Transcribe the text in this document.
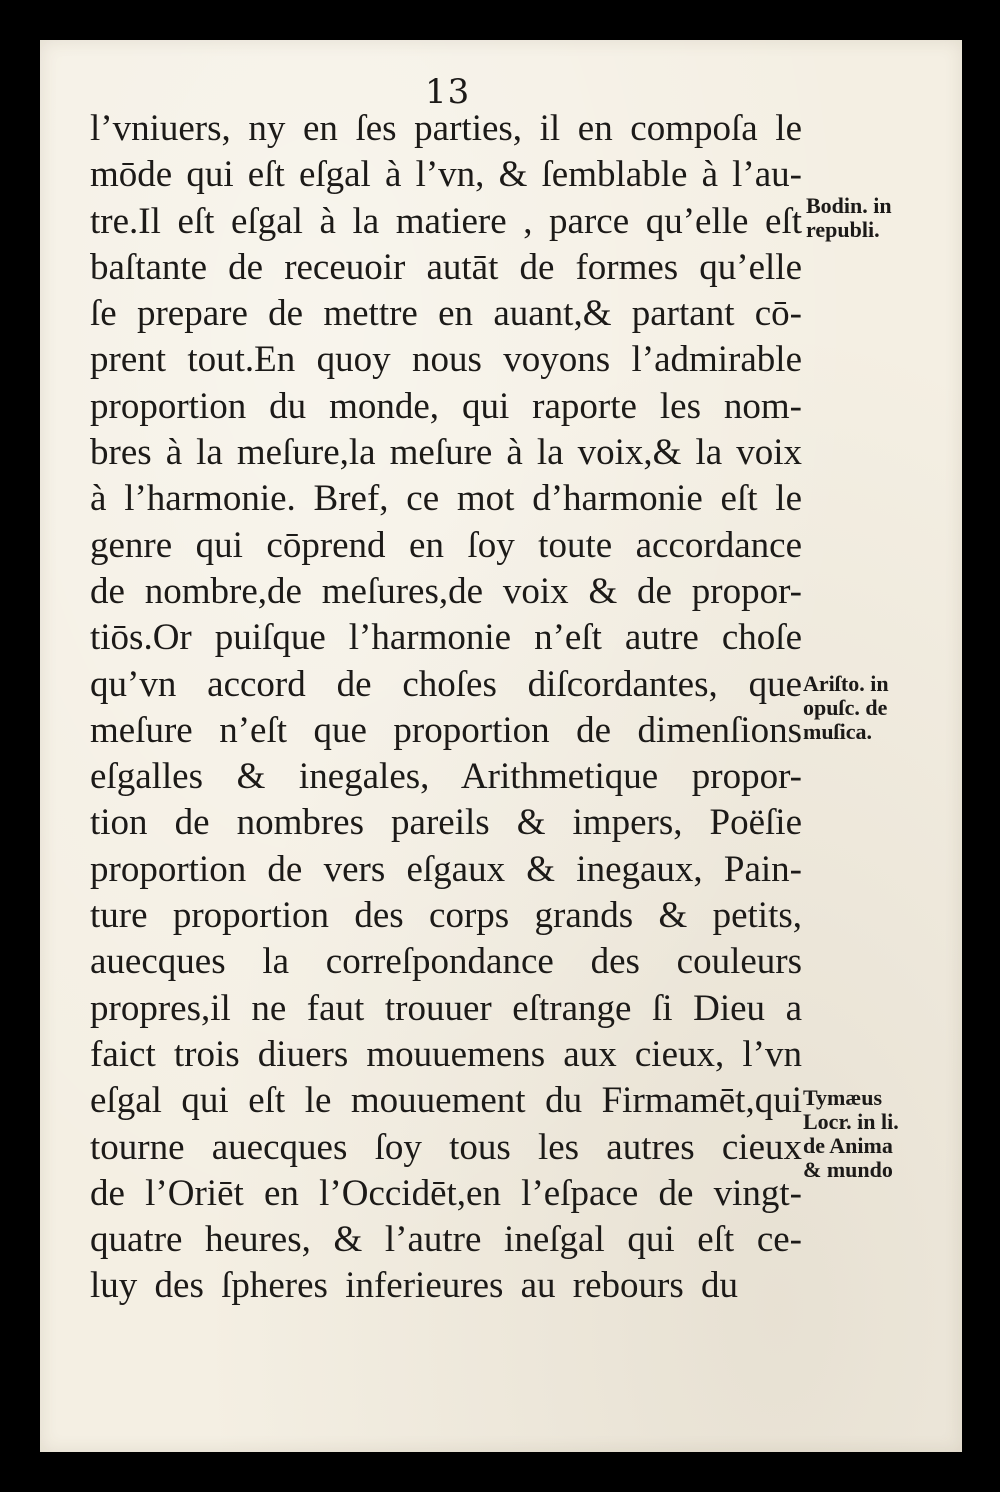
13
l’vniuers, ny en ſes parties, il en compoſa le
mōde qui eſt eſgal à l’vn, & ſemblable à l’au-
tre.Il eſt eſgal à la matiere , parce qu’elle eſt
baſtante de receuoir autāt de formes qu’elle
ſe prepare de mettre en auant,& partant cō-
prent tout.En quoy nous voyons l’admirable
proportion du monde, qui raporte les nom-
bres à la meſure,la meſure à la voix,& la voix
à l’harmonie. Bref, ce mot d’harmonie eſt le
genre qui cōprend en ſoy toute accordance
de nombre,de meſures,de voix & de propor-
tiōs.Or puiſque l’harmonie n’eſt autre choſe
qu’vn accord de choſes diſcordantes, que
meſure n’eſt que proportion de dimenſions
eſgalles & inegales, Arithmetique propor-
tion de nombres pareils & impers, Poëſie
proportion de vers eſgaux & inegaux, Pain-
ture proportion des corps grands & petits,
auecques la correſpondance des couleurs
propres,il ne faut trouuer eſtrange ſi Dieu a
faict trois diuers mouuemens aux cieux, l’vn
eſgal qui eſt le mouuement du Firmamēt,qui
tourne auecques ſoy tous les autres cieux
de l’Oriēt en l’Occidēt,en l’eſpace de vingt-
quatre heures, & l’autre ineſgal qui eſt ce-
luy des ſpheres inferieures au rebours du
Bodin. in
republi.
Ariſto. in
opuſc. de
muſica.
Tymæus
Locr. in li.
de Anima
& mundo
